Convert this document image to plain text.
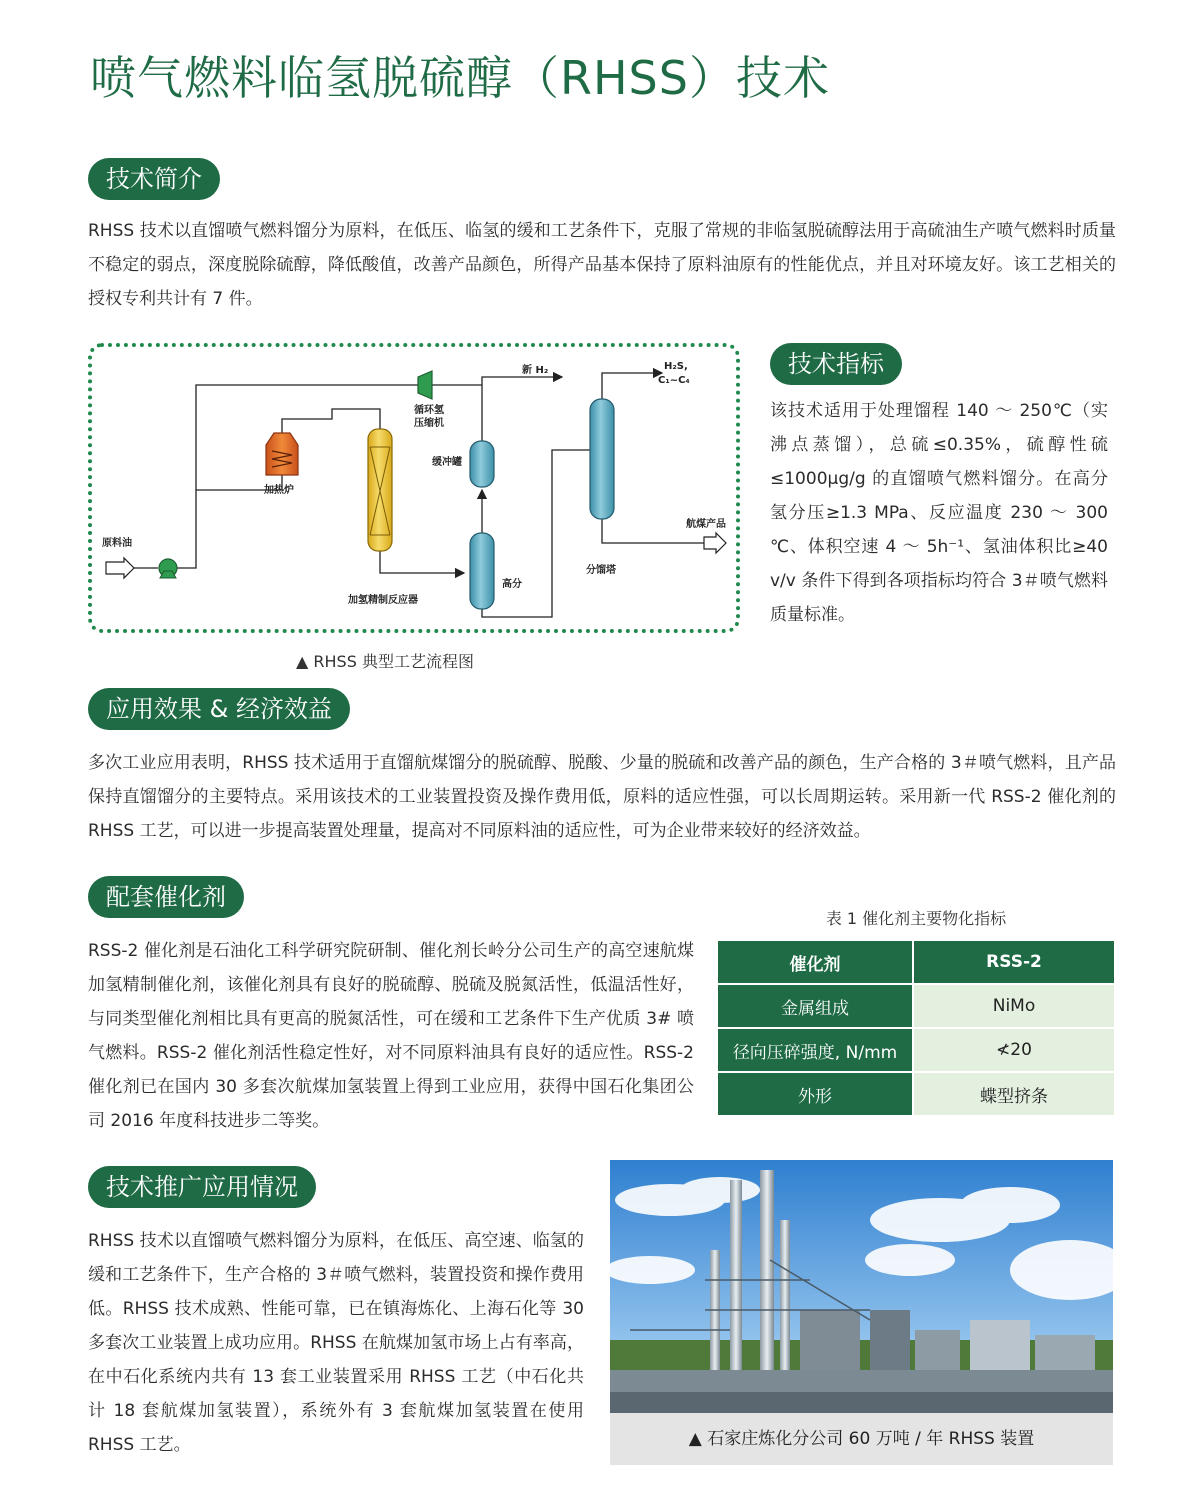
喷气燃料临氢脱硫醇（RHSS）技术
技术简介
RHSS 技术以直馏喷气燃料馏分为原料，在低压、临氢的缓和工艺条件下，克服了常规的非临氢脱硫醇法用于高硫油生产喷气燃料时质量不稳定的弱点，深度脱除硫醇，降低酸值，改善产品颜色，所得产品基本保持了原料油原有的性能优点，并且对环境友好。该工艺相关的授权专利共计有 7 件。
新 H₂	H₂S,
C₁~C₄
循环氢
压缩机
缓冲罐
加热炉
原料油
加氢精制反应器
高分
分馏塔
航煤产品
▲ RHSS 典型工艺流程图
技术指标
该技术适用于处理馏程 140 ～ 250℃（实沸点蒸馏），总硫≤0.35%，硫醇性硫≤1000μg/g 的直馏喷气燃料馏分。在高分氢分压≥1.3 MPa、反应温度 230 ～ 300 ℃、体积空速 4 ～ 5h⁻¹、氢油体积比≥40 v/v 条件下得到各项指标均符合 3＃喷气燃料质量标准。
应用效果 & 经济效益
多次工业应用表明，RHSS 技术适用于直馏航煤馏分的脱硫醇、脱酸、少量的脱硫和改善产品的颜色，生产合格的 3＃喷气燃料，且产品保持直馏馏分的主要特点。采用该技术的工业装置投资及操作费用低，原料的适应性强，可以长周期运转。采用新一代 RSS-2 催化剂的 RHSS 工艺，可以进一步提高装置处理量，提高对不同原料油的适应性，可为企业带来较好的经济效益。
配套催化剂
RSS-2 催化剂是石油化工科学研究院研制、催化剂长岭分公司生产的高空速航煤加氢精制催化剂，该催化剂具有良好的脱硫醇、脱硫及脱氮活性，低温活性好，与同类型催化剂相比具有更高的脱氮活性，可在缓和工艺条件下生产优质 3# 喷气燃料。RSS-2 催化剂活性稳定性好，对不同原料油具有良好的适应性。RSS-2 催化剂已在国内 30 多套次航煤加氢装置上得到工业应用，获得中国石化集团公司 2016 年度科技进步二等奖。
表 1 催化剂主要物化指标
催化剂	RSS-2
金属组成	NiMo
径向压碎强度, N/mm	≮20
外形	蝶型挤条
技术推广应用情况
RHSS 技术以直馏喷气燃料馏分为原料，在低压、高空速、临氢的缓和工艺条件下，生产合格的 3＃喷气燃料，装置投资和操作费用低。RHSS 技术成熟、性能可靠，已在镇海炼化、上海石化等 30 多套次工业装置上成功应用。RHSS 在航煤加氢市场上占有率高，在中石化系统内共有 13 套工业装置采用 RHSS 工艺（中石化共计 18 套航煤加氢装置），系统外有 3 套航煤加氢装置在使用 RHSS 工艺。	▲ 石家庄炼化分公司 60 万吨 / 年 RHSS 装置
